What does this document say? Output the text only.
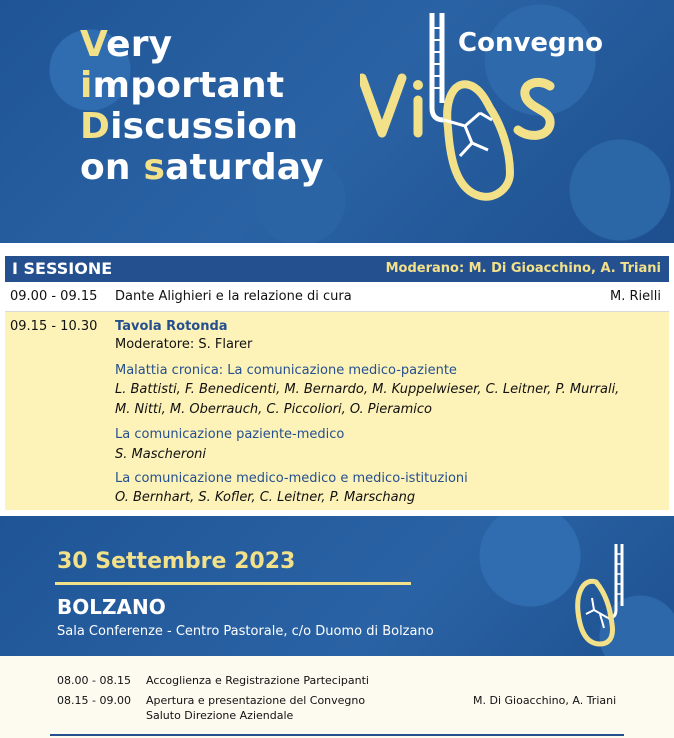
Very
important
Discussion
on saturday
Convegno
I SESSIONE	Moderano: M. Di Gioacchino, A. Triani
09.00 - 09.15 Dante Alighieri e la relazione di cura	M. Rielli
09.15 - 10.30 Tavola Rotonda
Moderatore: S. Flarer
Malattia cronica: La comunicazione medico-paziente
L. Battisti, F. Benedicenti, M. Bernardo, M. Kuppelwieser, C. Leitner, P. Murrali,
M. Nitti, M. Oberrauch, C. Piccoliori, O. Pieramico
La comunicazione paziente-medico
S. Mascheroni
La comunicazione medico-medico e medico-istituzioni
O. Bernhart, S. Kofler, C. Leitner, P. Marschang
30 Settembre 2023
BOLZANO
Sala Conferenze - Centro Pastorale, c/o Duomo di Bolzano
08.00 - 08.15 Accoglienza e Registrazione Partecipanti
08.15 - 09.00 Apertura e presentazione del Convegno
Saluto Direzione Aziendale
M. Di Gioacchino, A. Triani
